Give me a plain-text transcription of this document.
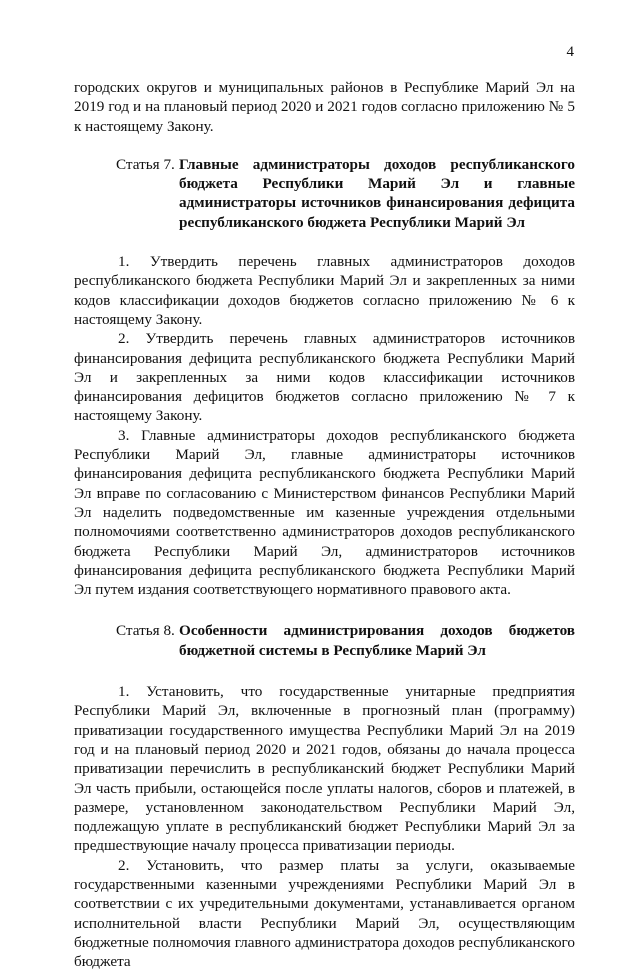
4

городских округов и муниципальных районов в Республике Марий Эл на 2019 год и на плановый период 2020 и 2021 годов согласно приложению № 5 к настоящему Закону.

Статья 7. Главные администраторы доходов республиканского бюджета Республики Марий Эл и главные администраторы источников финансирования дефицита республиканского бюджета Республики Марий Эл

1. Утвердить перечень главных администраторов доходов республиканского бюджета Республики Марий Эл и закрепленных за ними кодов классификации доходов бюджетов согласно приложению № 6 к настоящему Закону.

2. Утвердить перечень главных администраторов источников финансирования дефицита республиканского бюджета Республики Марий Эл и закрепленных за ними кодов классификации источников финансирования дефицитов бюджетов согласно приложению № 7 к настоящему Закону.

3. Главные администраторы доходов республиканского бюджета Республики Марий Эл, главные администраторы источников финансирования дефицита республиканского бюджета Республики Марий Эл вправе по согласованию с Министерством финансов Республики Марий Эл наделить подведомственные им казенные учреждения отдельными полномочиями соответственно администраторов доходов республиканского бюджета Республики Марий Эл, администраторов источников финансирования дефицита республиканского бюджета Республики Марий Эл путем издания соответствующего нормативного правового акта.

Статья 8. Особенности администрирования доходов бюджетов бюджетной системы в Республике Марий Эл

1. Установить, что государственные унитарные предприятия Республики Марий Эл, включенные в прогнозный план (программу) приватизации государственного имущества Республики Марий Эл на 2019 год и на плановый период 2020 и 2021 годов, обязаны до начала процесса приватизации перечислить в республиканский бюджет Республики Марий Эл часть прибыли, остающейся после уплаты налогов, сборов и платежей, в размере, установленном законодательством Республики Марий Эл, подлежащую уплате в республиканский бюджет Республики Марий Эл за предшествующие началу процесса приватизации периоды.

2. Установить, что размер платы за услуги, оказываемые государственными казенными учреждениями Республики Марий Эл в соответствии с их учредительными документами, устанавливается органом исполнительной власти Республики Марий Эл, осуществляющим бюджетные полномочия главного администратора доходов республиканского бюджета
